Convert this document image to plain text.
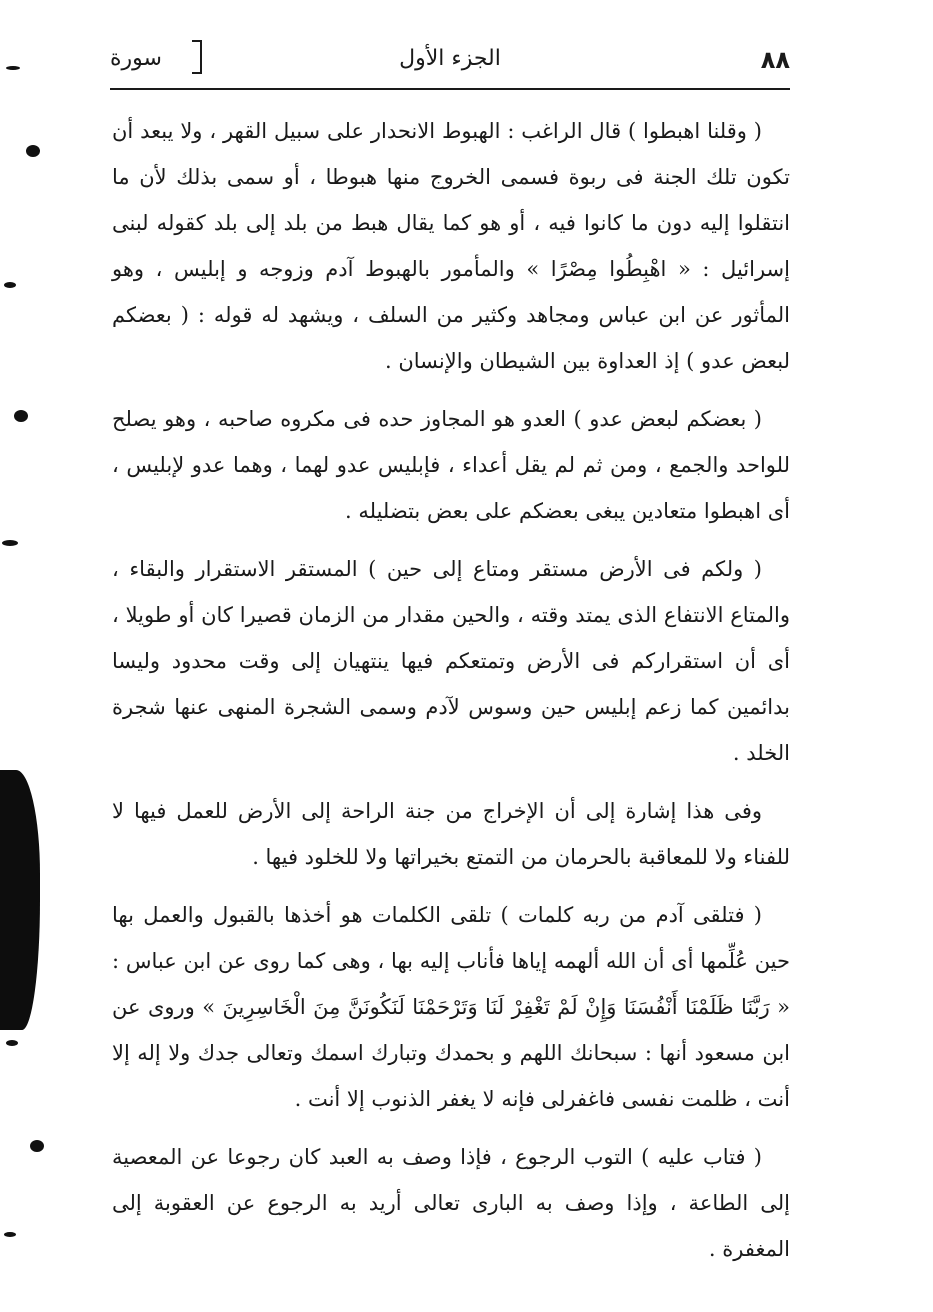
٨٨
الجزء الأول
سورة

( وقلنا اهبطوا ) قال الراغب : الهبوط الانحدار على سبيل القهر ، ولا يبعد أن تكون تلك الجنة فى ربوة فسمى الخروج منها هبوطا ، أو سمى بذلك لأن ما انتقلوا إليه دون ما كانوا فيه ، أو هو كما يقال هبط من بلد إلى بلد كقوله لبنى إسرائيل : « اهْبِطُوا مِصْرًا » والمأمور بالهبوط آدم وزوجه و إبليس ، وهو المأثور عن ابن عباس ومجاهد وكثير من السلف ، ويشهد له قوله : ( بعضكم لبعض عدو ) إذ العداوة بين الشيطان والإنسان .

( بعضكم لبعض عدو ) العدو هو المجاوز حده فى مكروه صاحبه ، وهو يصلح للواحد والجمع ، ومن ثم لم يقل أعداء ، فإبليس عدو لهما ، وهما عدو لإبليس ، أى اهبطوا متعادين يبغى بعضكم على بعض بتضليله .

( ولكم فى الأرض مستقر ومتاع إلى حين ) المستقر الاستقرار والبقاء ، والمتاع الانتفاع الذى يمتد وقته ، والحين مقدار من الزمان قصيرا كان أو طويلا ، أى أن استقراركم فى الأرض وتمتعكم فيها ينتهيان إلى وقت محدود وليسا بدائمين كما زعم إبليس حين وسوس لآدم وسمى الشجرة المنهى عنها شجرة الخلد .

وفى هذا إشارة إلى أن الإخراج من جنة الراحة إلى الأرض للعمل فيها لا للفناء ولا للمعاقبة بالحرمان من التمتع بخيراتها ولا للخلود فيها .

( فتلقى آدم من ربه كلمات ) تلقى الكلمات هو أخذها بالقبول والعمل بها حين عُلِّمها أى أن الله ألهمه إياها فأناب إليه بها ، وهى كما روى عن ابن عباس : « رَبَّنَا ظَلَمْنَا أَنْفُسَنَا وَإِنْ لَمْ تَغْفِرْ لَنَا وَتَرْحَمْنَا لَنَكُونَنَّ مِنَ الْخَاسِرِينَ » وروى عن ابن مسعود أنها : سبحانك اللهم و بحمدك وتبارك اسمك وتعالى جدك ولا إله إلا أنت ، ظلمت نفسى فاغفرلى فإنه لا يغفر الذنوب إلا أنت .

( فتاب عليه ) التوب الرجوع ، فإذا وصف به العبد كان رجوعا عن المعصية إلى الطاعة ، وإذا وصف به البارى تعالى أريد به الرجوع عن العقوبة إلى المغفرة .
